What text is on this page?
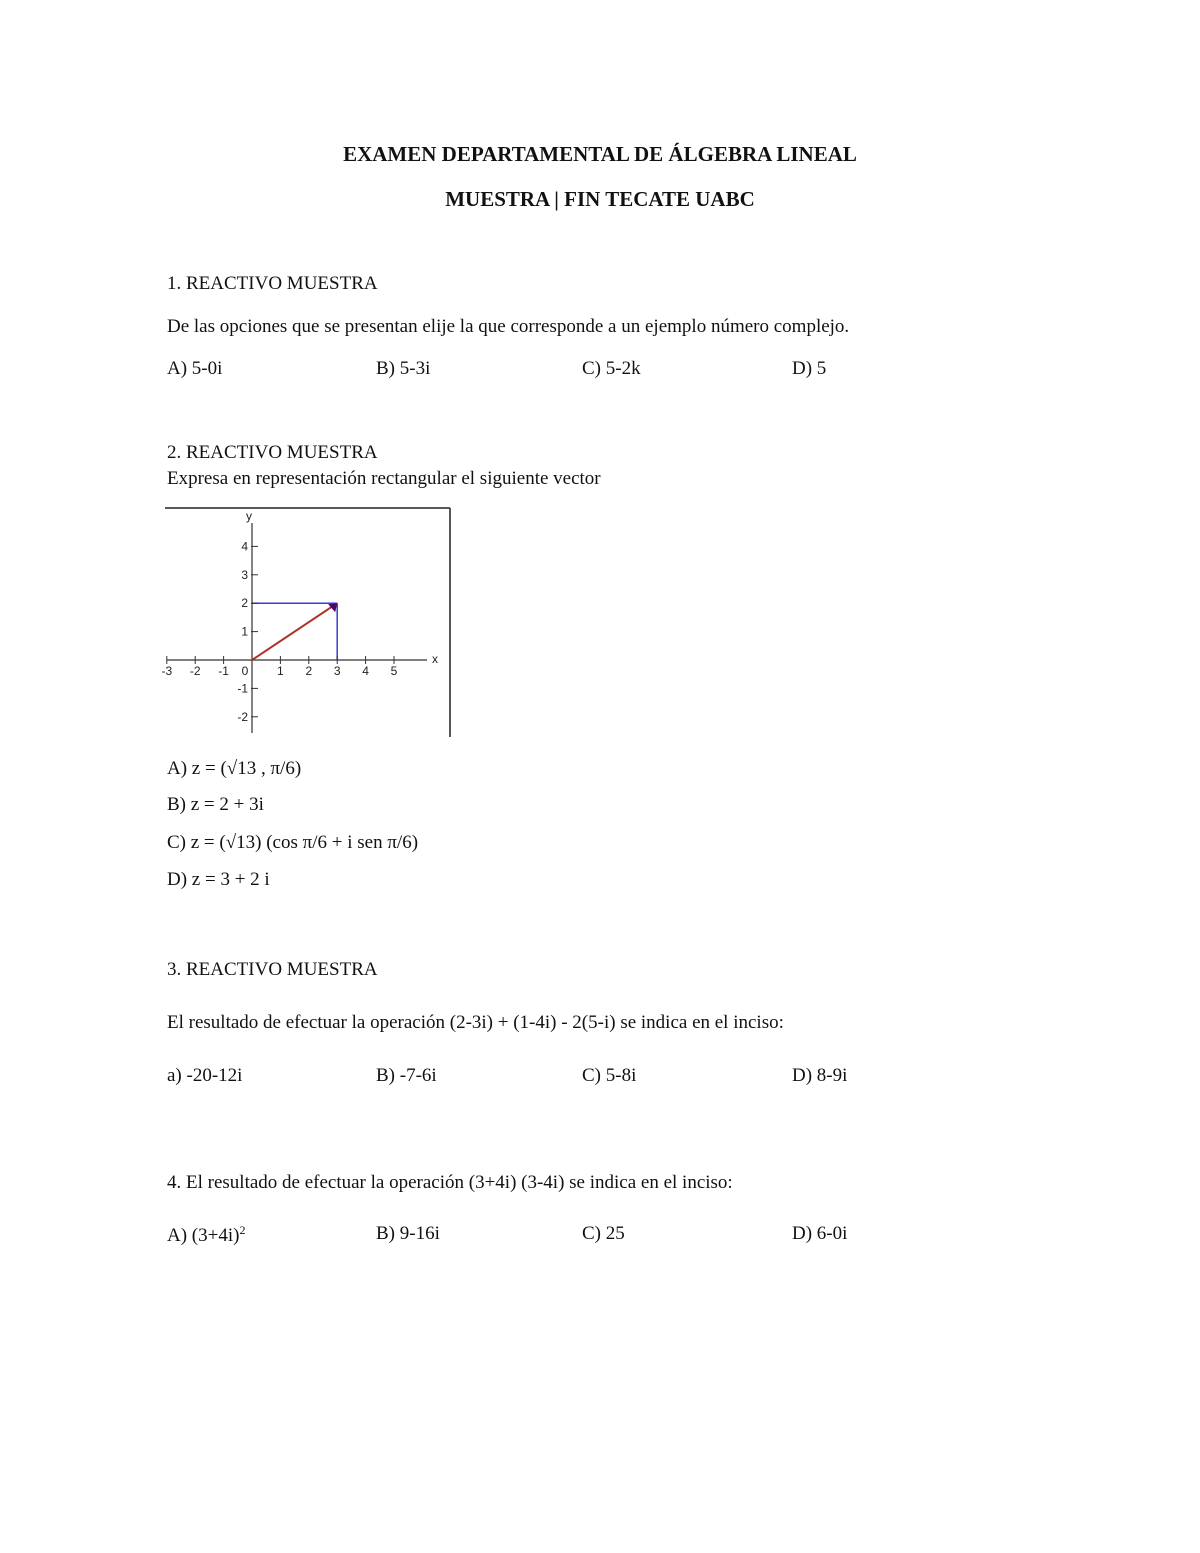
EXAMEN DEPARTAMENTAL DE ÁLGEBRA LINEAL
MUESTRA | FIN TECATE UABC
1. REACTIVO MUESTRA
De las opciones que se presentan elije la que corresponde a un ejemplo número complejo.
A) 5-0i	B) 5-3i	C) 5-2k	D) 5
2. REACTIVO MUESTRA
Expresa en representación rectangular el siguiente vector
x
y
-3 -2 -1 0 1 2 3 4 5
-2
-1
1
2
3
4
A) z = (√13 , π/6)
B) z = 2 + 3i
C) z = (√13) (cos π/6 + i sen π/6)
D) z = 3 + 2 i
3. REACTIVO MUESTRA
El resultado de efectuar la operación (2-3i) + (1-4i) - 2(5-i) se indica en el inciso:
a) -20-12i	B) -7-6i	C) 5-8i	D) 8-9i
4. El resultado de efectuar la operación (3+4i) (3-4i) se indica en el inciso:
A) $(3+4i)^2$	B) 9-16i	C) 25	D) 6-0i
